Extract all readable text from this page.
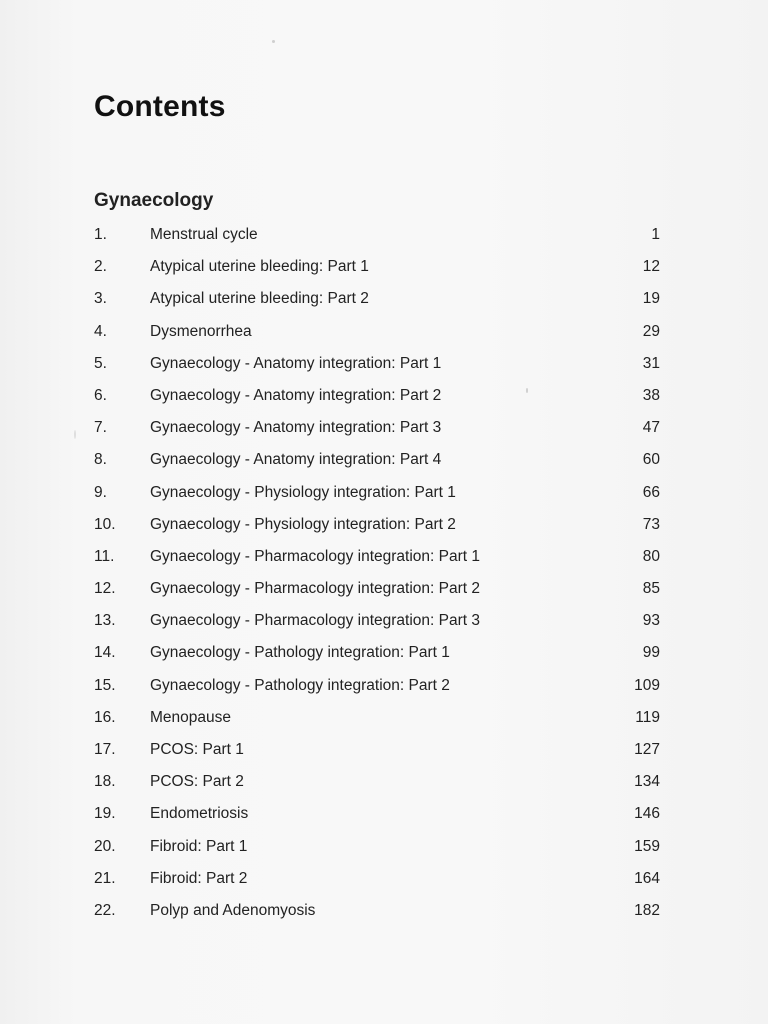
Contents
Gynaecology
1.	Menstrual cycle	1
2.	Atypical uterine bleeding: Part 1	12
3.	Atypical uterine bleeding: Part 2	19
4.	Dysmenorrhea	29
5.	Gynaecology - Anatomy integration: Part 1	31
6.	Gynaecology - Anatomy integration: Part 2	38
7.	Gynaecology - Anatomy integration: Part 3	47
8.	Gynaecology - Anatomy integration: Part 4	60
9.	Gynaecology - Physiology integration: Part 1	66
10.	Gynaecology - Physiology integration: Part 2	73
11.	Gynaecology - Pharmacology integration: Part 1	80
12.	Gynaecology - Pharmacology integration: Part 2	85
13.	Gynaecology - Pharmacology integration: Part 3	93
14.	Gynaecology - Pathology integration: Part 1	99
15.	Gynaecology - Pathology integration: Part 2	109
16.	Menopause	119
17.	PCOS: Part 1	127
18.	PCOS: Part 2	134
19.	Endometriosis	146
20.	Fibroid: Part 1	159
21.	Fibroid: Part 2	164
22.	Polyp and Adenomyosis	182
